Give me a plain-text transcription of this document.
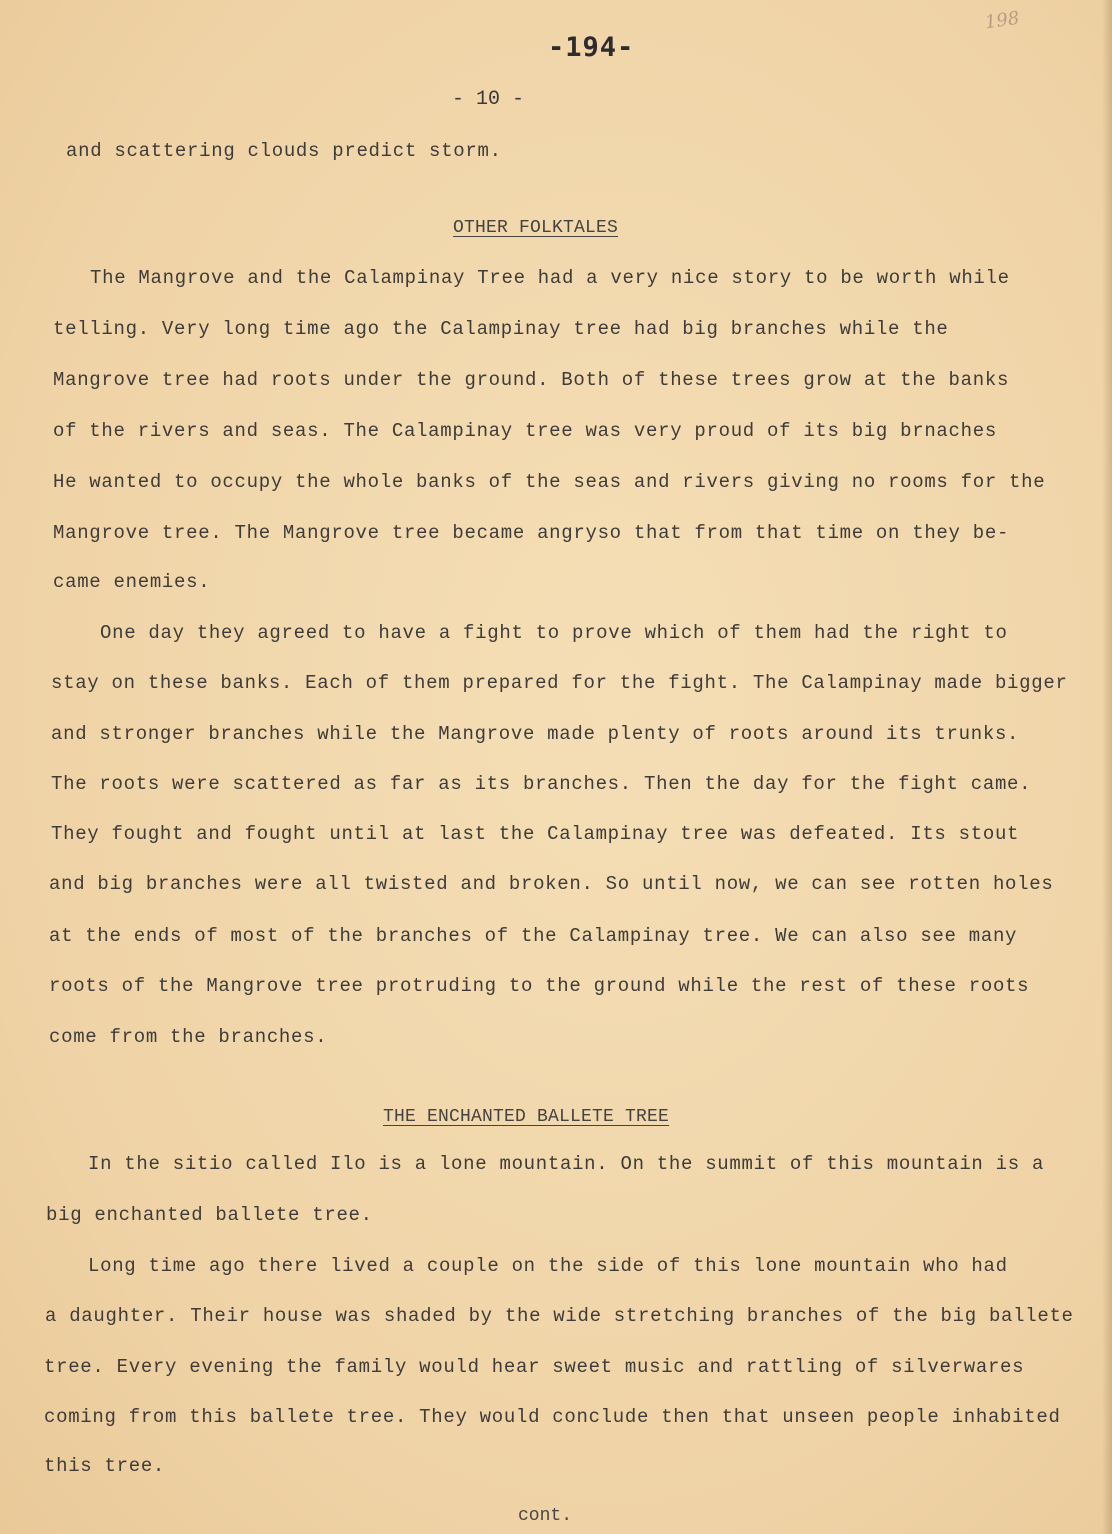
-194-
198
- 10 -
and scattering clouds predict storm.
OTHER FOLKTALES
The Mangrove and the Calampinay Tree had a very nice story to be worth while
telling. Very long time ago the Calampinay tree had big branches while the
Mangrove tree had roots under the ground. Both of these trees grow at the banks
of the rivers and seas. The Calampinay tree was very proud of its big brnaches
He wanted to occupy the whole banks of the seas and rivers giving no rooms for the
Mangrove tree. The Mangrove tree became angryso that from that time on they be-
came enemies.
One day they agreed to have a fight to prove which of them had the right to
stay on these banks. Each of them prepared for the fight. The Calampinay made bigger
and stronger branches while the Mangrove made plenty of roots around its trunks.
The roots were scattered as far as its branches. Then the day for the fight came.
They fought and fought until at last the Calampinay tree was defeated. Its stout
and big branches were all twisted and broken. So until now, we can see rotten holes
at the ends of most of the branches of the Calampinay tree. We can also see many
roots of the Mangrove tree protruding to the ground while the rest of these roots
come from the branches.
THE ENCHANTED BALLETE TREE
In the sitio called Ilo is a lone mountain. On the summit of this mountain is a
big enchanted ballete tree.
Long time ago there lived a couple on the side of this lone mountain who had
a daughter. Their house was shaded by the wide stretching branches of the big ballete
tree. Every evening the family would hear sweet music and rattling of silverwares
coming from this ballete tree. They would conclude then that unseen people inhabited
this tree.
cont.
